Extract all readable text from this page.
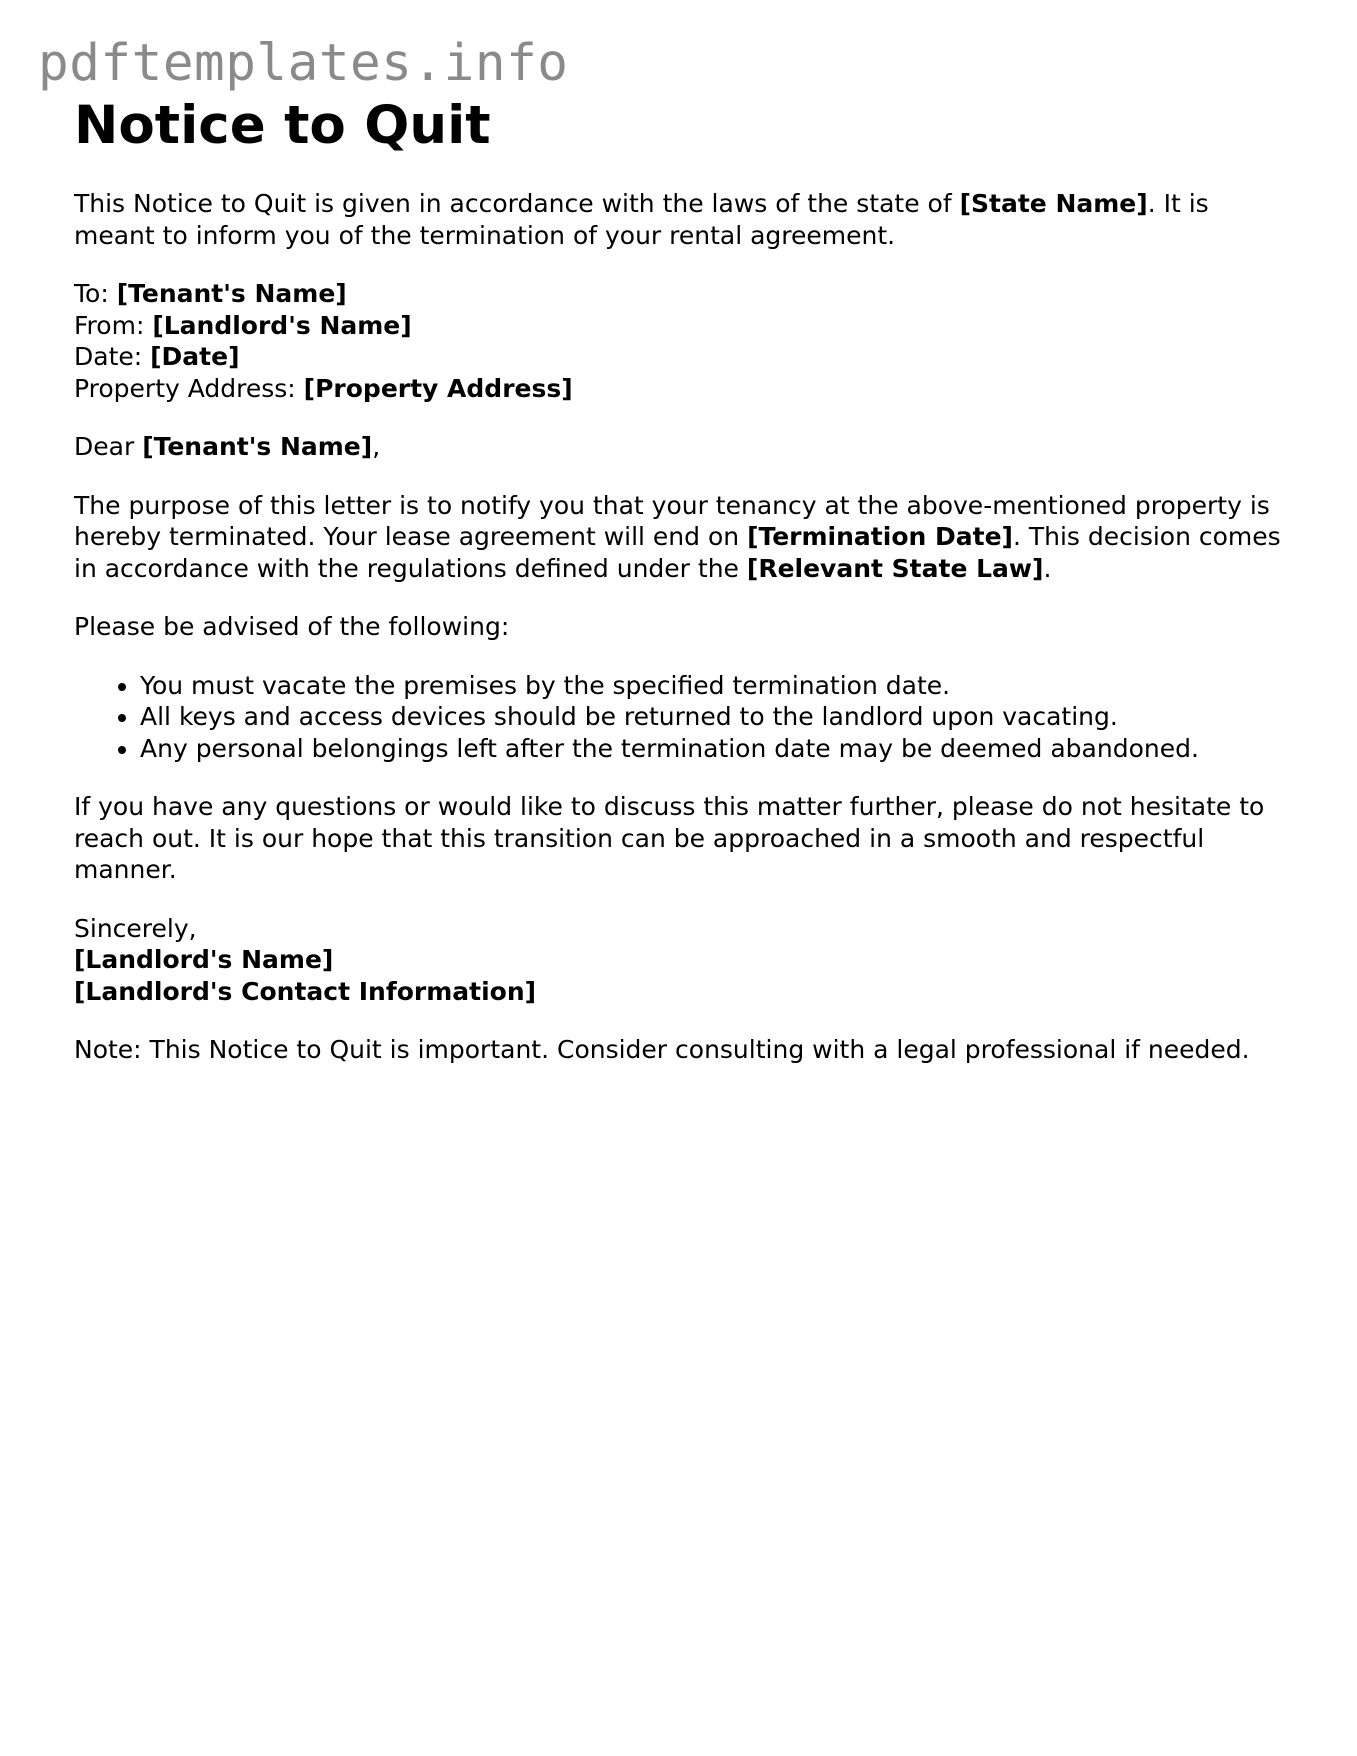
pdftemplates.info
Notice to Quit

This Notice to Quit is given in accordance with the laws of the state of [State Name]. It is meant to inform you of the termination of your rental agreement.

To: [Tenant's Name]
From: [Landlord's Name]
Date: [Date]
Property Address: [Property Address]

Dear [Tenant's Name],

The purpose of this letter is to notify you that your tenancy at the above-mentioned property is hereby terminated. Your lease agreement will end on [Termination Date]. This decision comes in accordance with the regulations defined under the [Relevant State Law].

Please be advised of the following:

• You must vacate the premises by the specified termination date.
• All keys and access devices should be returned to the landlord upon vacating.
• Any personal belongings left after the termination date may be deemed abandoned.

If you have any questions or would like to discuss this matter further, please do not hesitate to reach out. It is our hope that this transition can be approached in a smooth and respectful manner.

Sincerely,
[Landlord's Name]
[Landlord's Contact Information]

Note: This Notice to Quit is important. Consider consulting with a legal professional if needed.
